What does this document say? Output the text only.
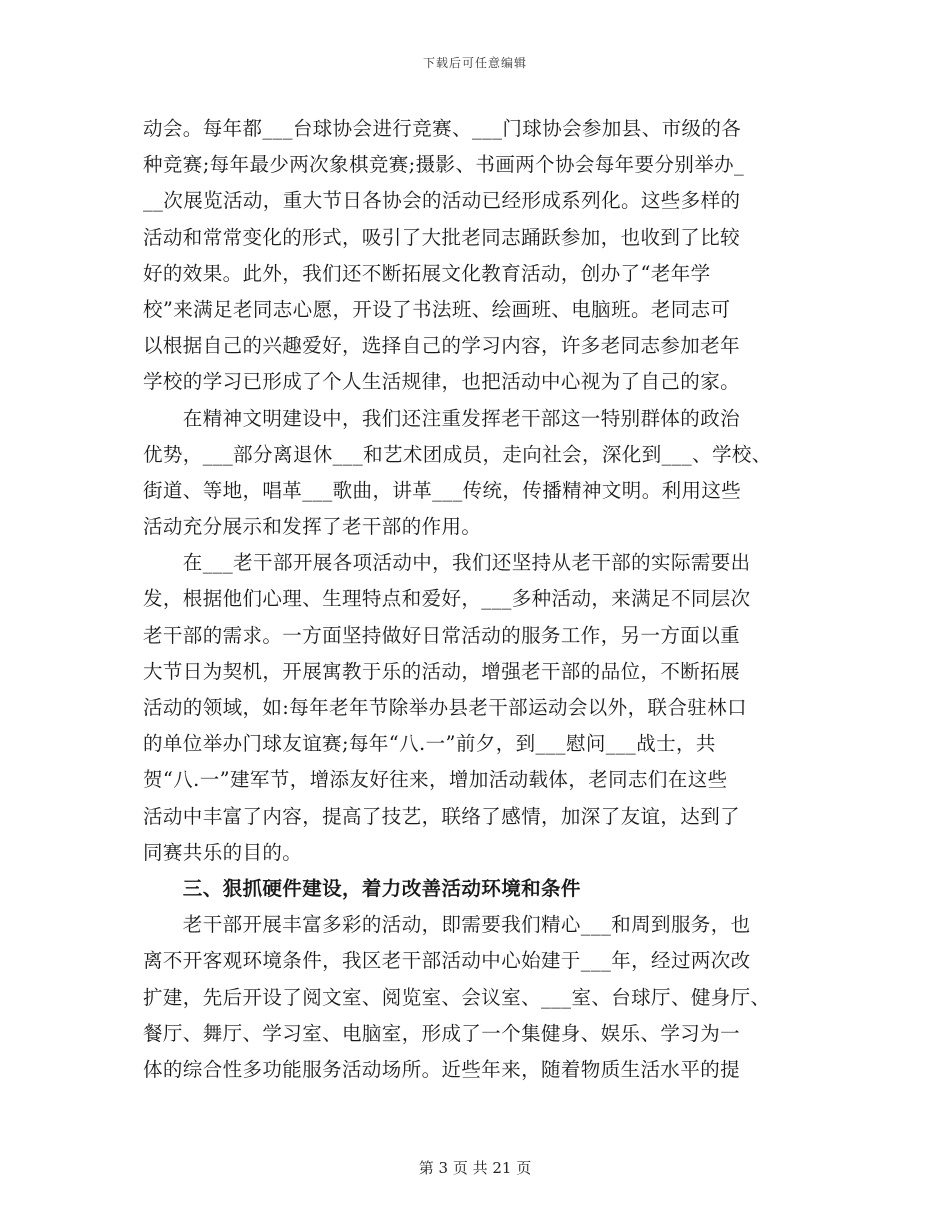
下载后可任意编辑
动会。每年都___台球协会进行竞赛、___门球协会参加县、市级的各
种竞赛;每年最少两次象棋竞赛;摄影、书画两个协会每年要分别举办_
__次展览活动，重大节日各协会的活动已经形成系列化。这些多样的
活动和常常变化的形式，吸引了大批老同志踊跃参加，也收到了比较
好的效果。此外，我们还不断拓展文化教育活动，创办了“老年学
校”来满足老同志心愿，开设了书法班、绘画班、电脑班。老同志可
以根据自己的兴趣爱好，选择自己的学习内容，许多老同志参加老年
学校的学习已形成了个人生活规律，也把活动中心视为了自己的家。
　　在精神文明建设中，我们还注重发挥老干部这一特别群体的政治
优势，___部分离退休___和艺术团成员，走向社会，深化到___、学校、
街道、等地，唱革___歌曲，讲革___传统，传播精神文明。利用这些
活动充分展示和发挥了老干部的作用。
　　在___老干部开展各项活动中，我们还坚持从老干部的实际需要出
发，根据他们心理、生理特点和爱好，___多种活动，来满足不同层次
老干部的需求。一方面坚持做好日常活动的服务工作，另一方面以重
大节日为契机，开展寓教于乐的活动，增强老干部的品位，不断拓展
活动的领域，如:每年老年节除举办县老干部运动会以外，联合驻林口
的单位举办门球友谊赛;每年“八.一”前夕，到___慰问___战士，共
贺“八.一”建军节，增添友好往来，增加活动载体，老同志们在这些
活动中丰富了内容，提高了技艺，联络了感情，加深了友谊，达到了
同赛共乐的目的。
　　三、狠抓硬件建设，着力改善活动环境和条件
　　老干部开展丰富多彩的活动，即需要我们精心___和周到服务，也
离不开客观环境条件，我区老干部活动中心始建于___年，经过两次改
扩建，先后开设了阅文室、阅览室、会议室、___室、台球厅、健身厅、
餐厅、舞厅、学习室、电脑室，形成了一个集健身、娱乐、学习为一
体的综合性多功能服务活动场所。近些年来，随着物质生活水平的提
第 3 页 共 21 页
